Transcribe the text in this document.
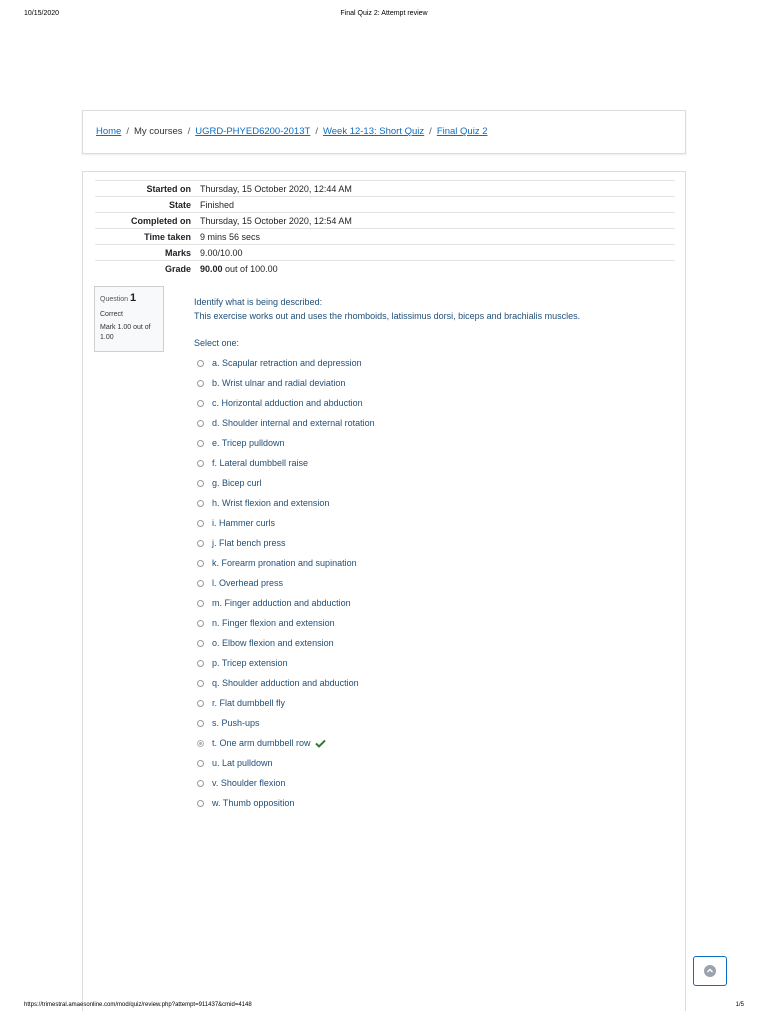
10/15/2020	Final Quiz 2: Attempt review
Home / My courses / UGRD-PHYED6200-2013T / Week 12-13: Short Quiz / Final Quiz 2
Started on	Thursday, 15 October 2020, 12:44 AM
State	Finished
Completed on	Thursday, 15 October 2020, 12:54 AM
Time taken	9 mins 56 secs
Marks	9.00/10.00
Grade	90.00 out of 100.00
Question 1
Correct
Mark 1.00 out of 1.00
Identify what is being described:
This exercise works out and uses the rhomboids, latissimus dorsi, biceps and brachialis muscles.
Select one:
a. Scapular retraction and depression
b. Wrist ulnar and radial deviation
c. Horizontal adduction and abduction
d. Shoulder internal and external rotation
e. Tricep pulldown
f. Lateral dumbbell raise
g. Bicep curl
h. Wrist flexion and extension
i. Hammer curls
j. Flat bench press
k. Forearm pronation and supination
l. Overhead press
m. Finger adduction and abduction
n. Finger flexion and extension
o. Elbow flexion and extension
p. Tricep extension
q. Shoulder adduction and abduction
r. Flat dumbbell fly
s. Push-ups
t. One arm dumbbell row
u. Lat pulldown
v. Shoulder flexion
w. Thumb opposition
https://trimestral.amaesonline.com/mod/quiz/review.php?attempt=911437&cmid=4148	1/5
